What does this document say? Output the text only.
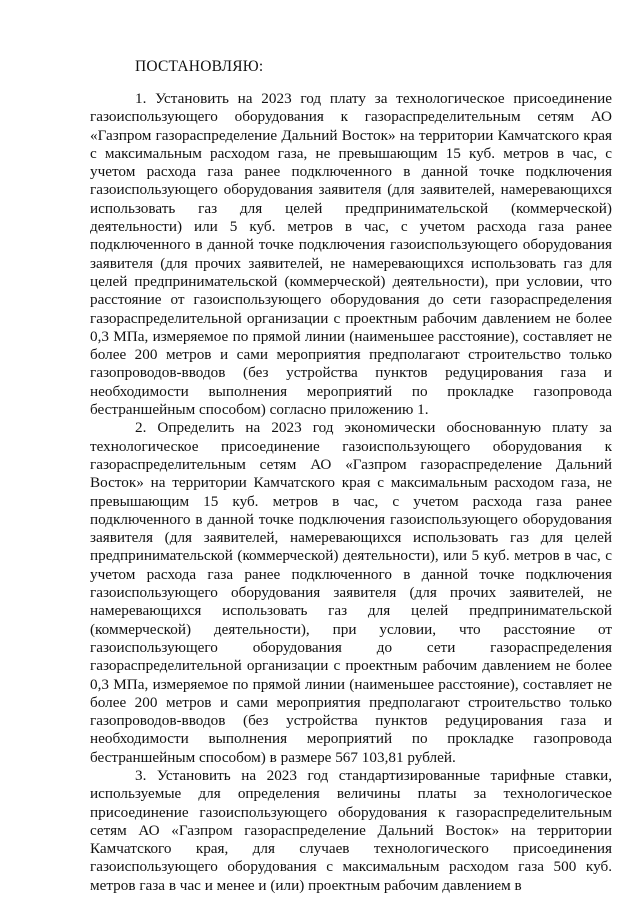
ПОСТАНОВЛЯЮ:

1. Установить на 2023 год плату за технологическое присоединение газоиспользующего оборудования к газораспределительным сетям АО «Газпром газораспределение Дальний Восток» на территории Камчатского края с максимальным расходом газа, не превышающим 15 куб. метров в час, с учетом расхода газа ранее подключенного в данной точке подключения газоиспользующего оборудования заявителя (для заявителей, намеревающихся использовать газ для целей предпринимательской (коммерческой) деятельности) или 5 куб. метров в час, с учетом расхода газа ранее подключенного в данной точке подключения газоиспользующего оборудования заявителя (для прочих заявителей, не намеревающихся использовать газ для целей предпринимательской (коммерческой) деятельности), при условии, что расстояние от газоиспользующего оборудования до сети газораспределения газораспределительной организации с проектным рабочим давлением не более 0,3 МПа, измеряемое по прямой линии (наименьшее расстояние), составляет не более 200 метров и сами мероприятия предполагают строительство только газопроводов-вводов (без устройства пунктов редуцирования газа и необходимости выполнения мероприятий по прокладке газопровода бестраншейным способом) согласно приложению 1.

2. Определить на 2023 год экономически обоснованную плату за технологическое присоединение газоиспользующего оборудования к газораспределительным сетям АО «Газпром газораспределение Дальний Восток» на территории Камчатского края с максимальным расходом газа, не превышающим 15 куб. метров в час, с учетом расхода газа ранее подключенного в данной точке подключения газоиспользующего оборудования заявителя (для заявителей, намеревающихся использовать газ для целей предпринимательской (коммерческой) деятельности), или 5 куб. метров в час, с учетом расхода газа ранее подключенного в данной точке подключения газоиспользующего оборудования заявителя (для прочих заявителей, не намеревающихся использовать газ для целей предпринимательской (коммерческой) деятельности), при условии, что расстояние от газоиспользующего оборудования до сети газораспределения газораспределительной организации с проектным рабочим давлением не более 0,3 МПа, измеряемое по прямой линии (наименьшее расстояние), составляет не более 200 метров и сами мероприятия предполагают строительство только газопроводов-вводов (без устройства пунктов редуцирования газа и необходимости выполнения мероприятий по прокладке газопровода бестраншейным способом) в размере 567 103,81 рублей.

3. Установить на 2023 год стандартизированные тарифные ставки, используемые для определения величины платы за технологическое присоединение газоиспользующего оборудования к газораспределительным сетям АО «Газпром газораспределение Дальний Восток» на территории Камчатского края, для случаев технологического присоединения газоиспользующего оборудования с максимальным расходом газа 500 куб. метров газа в час и менее и (или) проектным рабочим давлением в
